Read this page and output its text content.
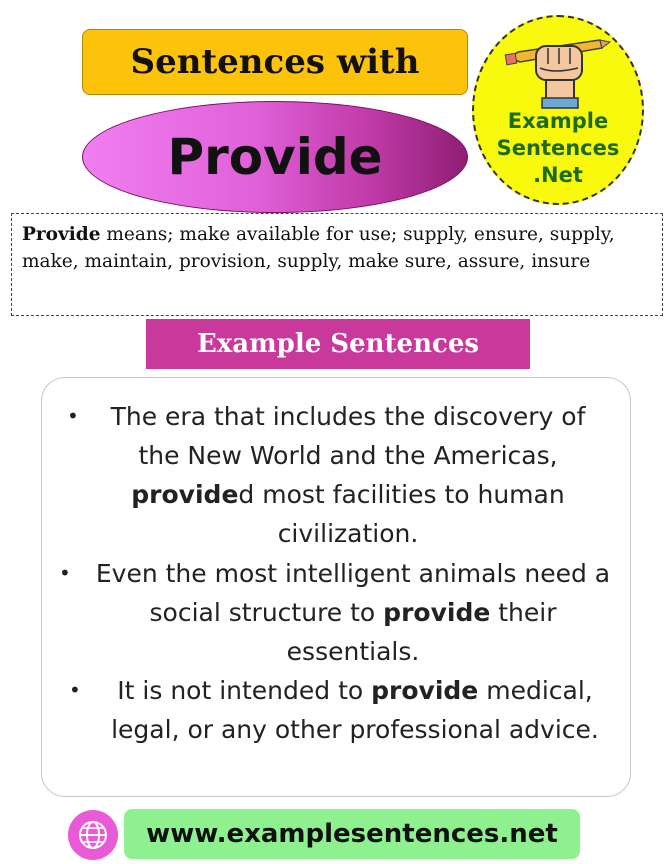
Sentences with
Provide
Example
Sentences
.Net
Provide means; make available for use; supply, ensure, supply, make, maintain, provision, supply, make sure, assure, insure
Example Sentences
• The era that includes the discovery of the New World and the Americas, provided most facilities to human civilization.
• Even the most intelligent animals need a social structure to provide their essentials.
• It is not intended to provide medical, legal, or any other professional advice.
www.examplesentences.net
